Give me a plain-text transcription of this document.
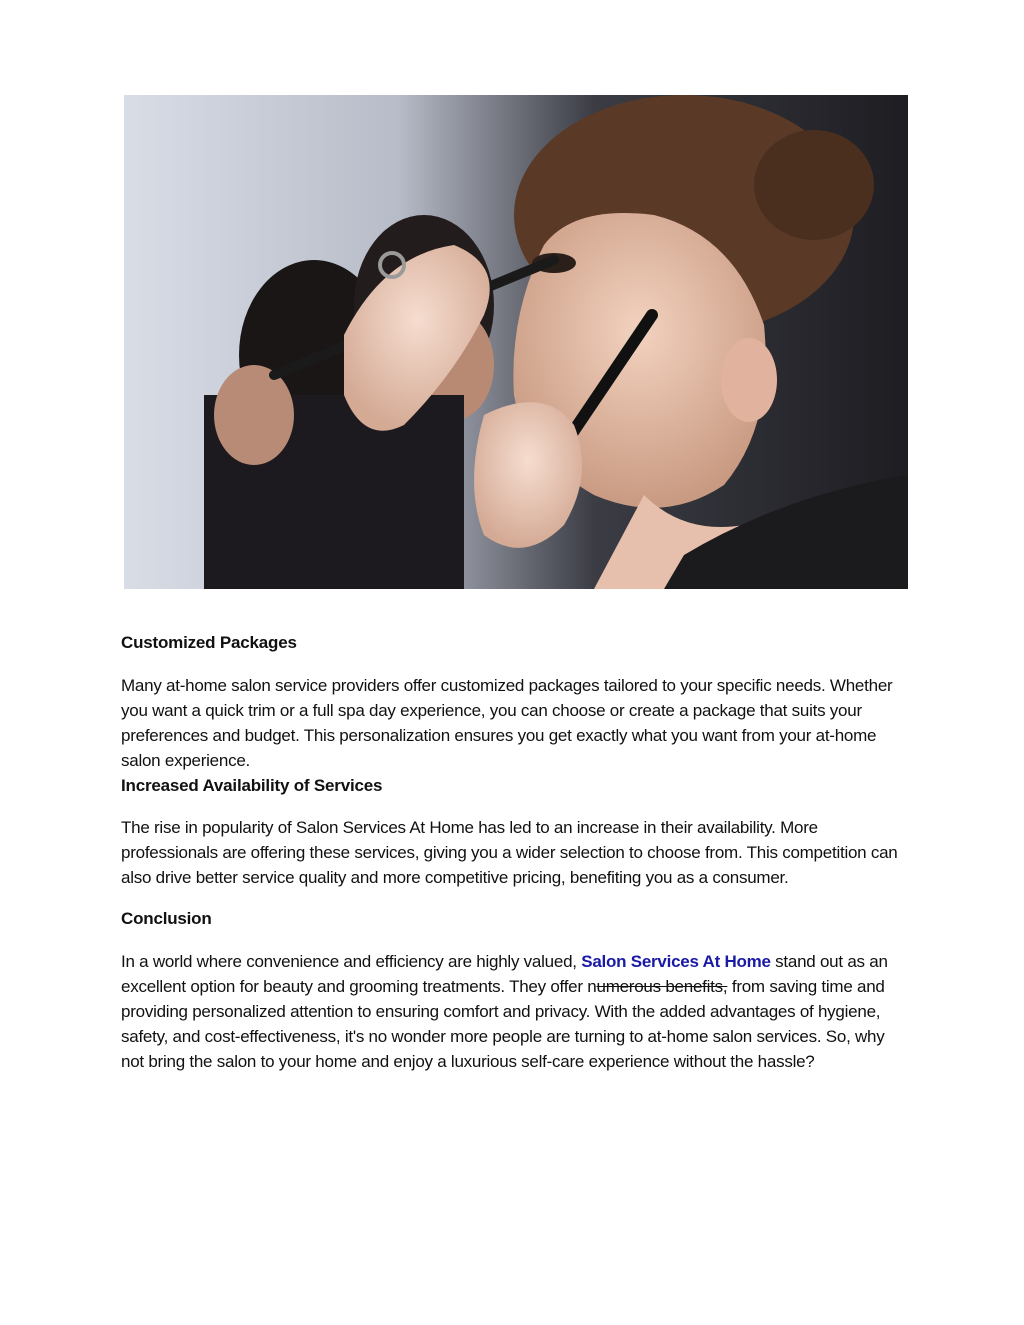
Customized Packages

Many at-home salon service providers offer customized packages tailored to your specific needs. Whether you want a quick trim or a full spa day experience, you can choose or create a package that suits your preferences and budget. This personalization ensures you get exactly what you want from your at-home salon experience.

Increased Availability of Services

The rise in popularity of Salon Services At Home has led to an increase in their availability. More professionals are offering these services, giving you a wider selection to choose from. This competition can also drive better service quality and more competitive pricing, benefiting you as a consumer.

Conclusion

In a world where convenience and efficiency are highly valued, Salon Services At Home stand out as an excellent option for beauty and grooming treatments. They offer numerous benefits, from saving time and providing personalized attention to ensuring comfort and privacy. With the added advantages of hygiene, safety, and cost-effectiveness, it's no wonder more people are turning to at-home salon services. So, why not bring the salon to your home and enjoy a luxurious self-care experience without the hassle?
